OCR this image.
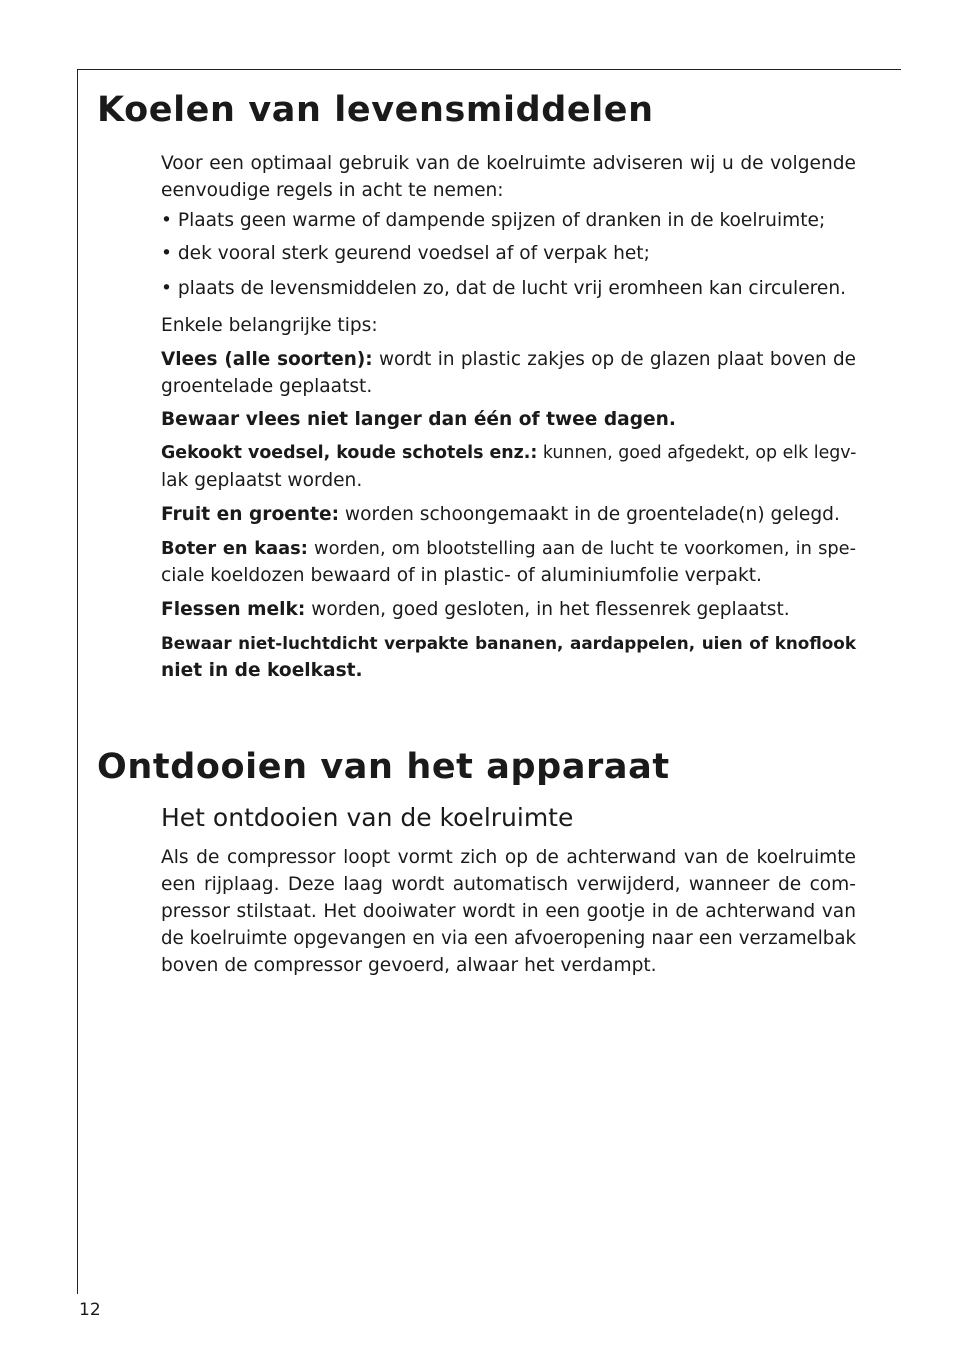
Koelen van levensmiddelen
Voor een optimaal gebruik van de koelruimte adviseren wij u de volgende
eenvoudige regels in acht te nemen:
• Plaats geen warme of dampende spijzen of dranken in de koelruimte;
• dek vooral sterk geurend voedsel af of verpak het;
• plaats de levensmiddelen zo, dat de lucht vrij eromheen kan circuleren.
Enkele belangrijke tips:
Vlees (alle soorten): wordt in plastic zakjes op de glazen plaat boven de
groentelade geplaatst.
Bewaar vlees niet langer dan één of twee dagen.
Gekookt voedsel, koude schotels enz.: kunnen, goed afgedekt, op elk legv-
lak geplaatst worden.
Fruit en groente: worden schoongemaakt in de groentelade(n) gelegd.
Boter en kaas: worden, om blootstelling aan de lucht te voorkomen, in spe-
ciale koeldozen bewaard of in plastic- of aluminiumfolie verpakt.
Flessen melk: worden, goed gesloten, in het flessenrek geplaatst.
Bewaar niet-luchtdicht verpakte bananen, aardappelen, uien of knoflook
niet in de koelkast.
Ontdooien van het apparaat
Het ontdooien van de koelruimte
Als de compressor loopt vormt zich op de achterwand van de koelruimte
een rijplaag. Deze laag wordt automatisch verwijderd, wanneer de com-
pressor stilstaat. Het dooiwater wordt in een gootje in de achterwand van
de koelruimte opgevangen en via een afvoeropening naar een verzamelbak
boven de compressor gevoerd, alwaar het verdampt.
12
